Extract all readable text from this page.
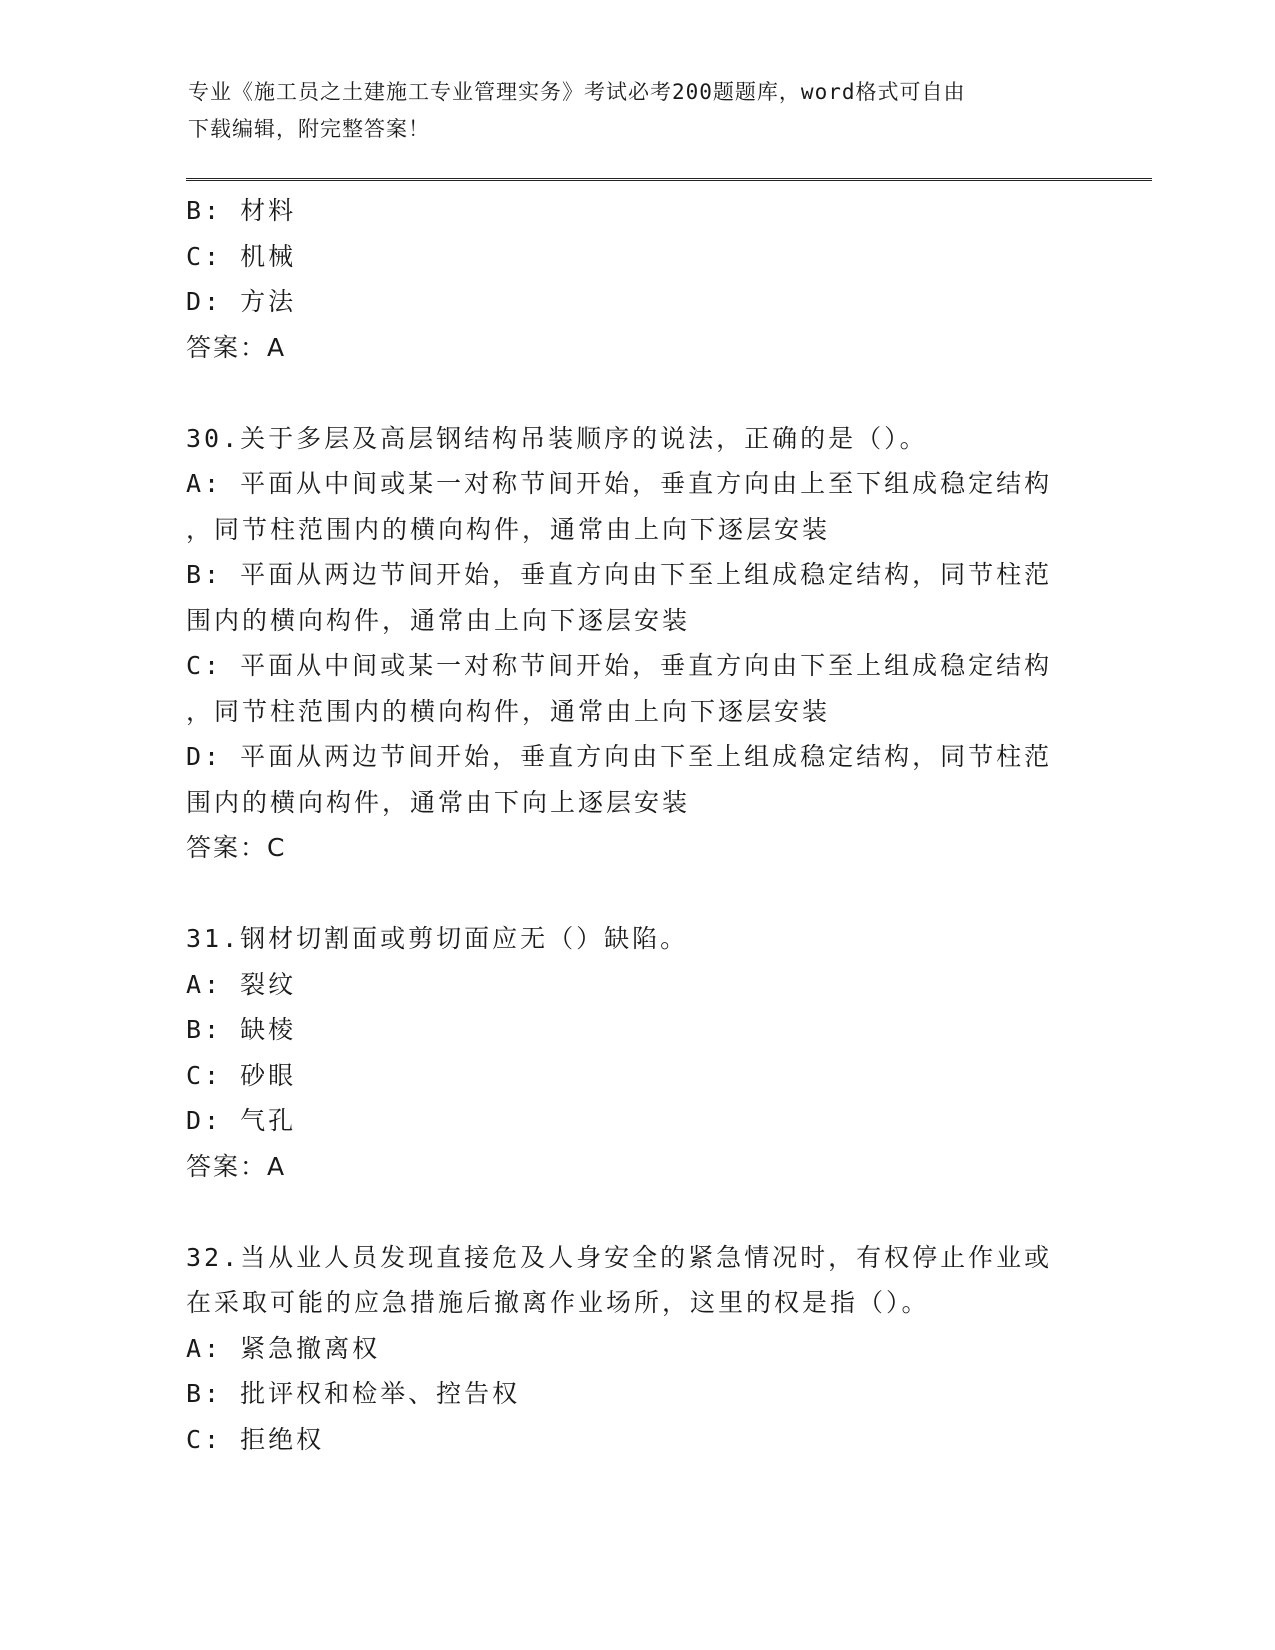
专业《施工员之土建施工专业管理实务》考试必考200题题库，word格式可自由
下载编辑，附完整答案！
B: 材料
C: 机械
D: 方法
答案：A
30.关于多层及高层钢结构吊装顺序的说法，正确的是（）。
A: 平面从中间或某一对称节间开始，垂直方向由上至下组成稳定结构
，同节柱范围内的横向构件，通常由上向下逐层安装
B: 平面从两边节间开始，垂直方向由下至上组成稳定结构，同节柱范
围内的横向构件，通常由上向下逐层安装
C: 平面从中间或某一对称节间开始，垂直方向由下至上组成稳定结构
，同节柱范围内的横向构件，通常由上向下逐层安装
D: 平面从两边节间开始，垂直方向由下至上组成稳定结构，同节柱范
围内的横向构件，通常由下向上逐层安装
答案：C
31.钢材切割面或剪切面应无（）缺陷。
A: 裂纹
B: 缺棱
C: 砂眼
D: 气孔
答案：A
32.当从业人员发现直接危及人身安全的紧急情况时，有权停止作业或
在采取可能的应急措施后撤离作业场所，这里的权是指（）。
A: 紧急撤离权
B: 批评权和检举、控告权
C: 拒绝权
